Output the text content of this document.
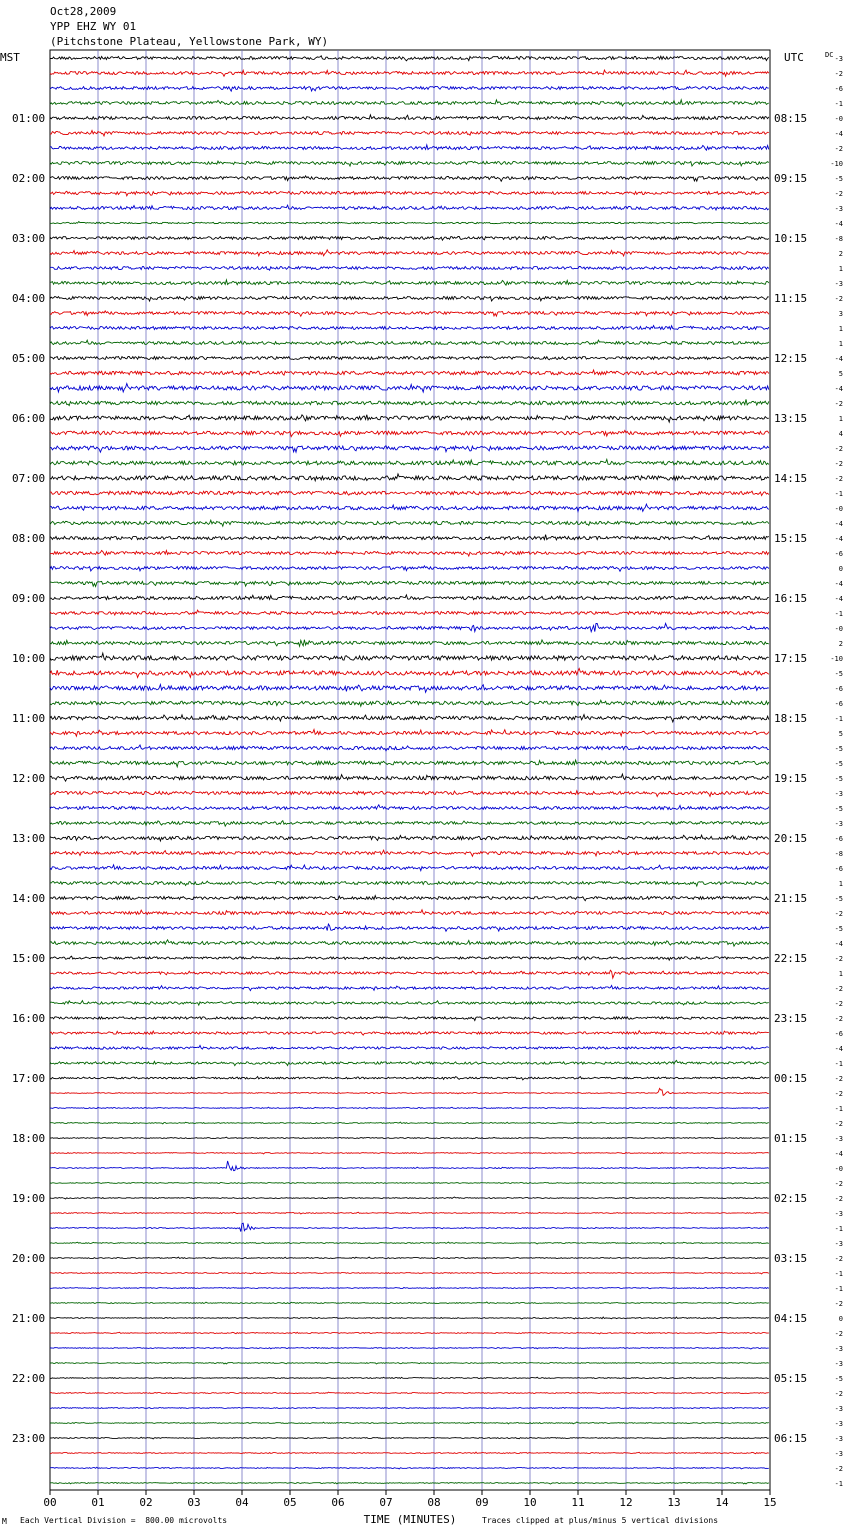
Oct28,2009
YPP EHZ WY 01
(Pitchstone Plateau, Yellowstone Park, WY)
MST	UTC	DC
TIME (MINUTES)
00	01	02	03	04	05	06	07	08	09	10	11	12	13	14	15
-3
-2
-6
-1
-0
-4
-2
-10
-5
-2
-3
-4
-8
2
1
-3
-2
3
1
1
-4
5
-4
-2
1
4
-2
-2
-2
-1
-0
-4
-4
-6
0
-4
-4
-1
-0
2
-10
-5
-6
-6
-1
5
-5
-5
-5
-3
-5
-3
-6
-8
-6
1
-5
-2
-5
-4
-2
1
-2
-2
-2
-6
-4
-1
-2
-2
-1
-2
-3
-4
-0
-2
-2
-3
-1
-3
-2
-1
-1
-2
0
-2
-3
-3
-5
-2
-3
-3
-3
-3
-2
-1
01:00	08:15
02:00	09:15
03:00	10:15
04:00	11:15
05:00	12:15
06:00	13:15
07:00	14:15
08:00	15:15
09:00	16:15
10:00	17:15
11:00	18:15
12:00	19:15
13:00	20:15
14:00	21:15
15:00	22:15
16:00	23:15
17:00	00:15
18:00	01:15
19:00	02:15
20:00	03:15
21:00	04:15
22:00	05:15
23:00	06:15
M Each Vertical Division =  800.00 microvolts	Traces clipped at plus/minus 5 vertical divisions
